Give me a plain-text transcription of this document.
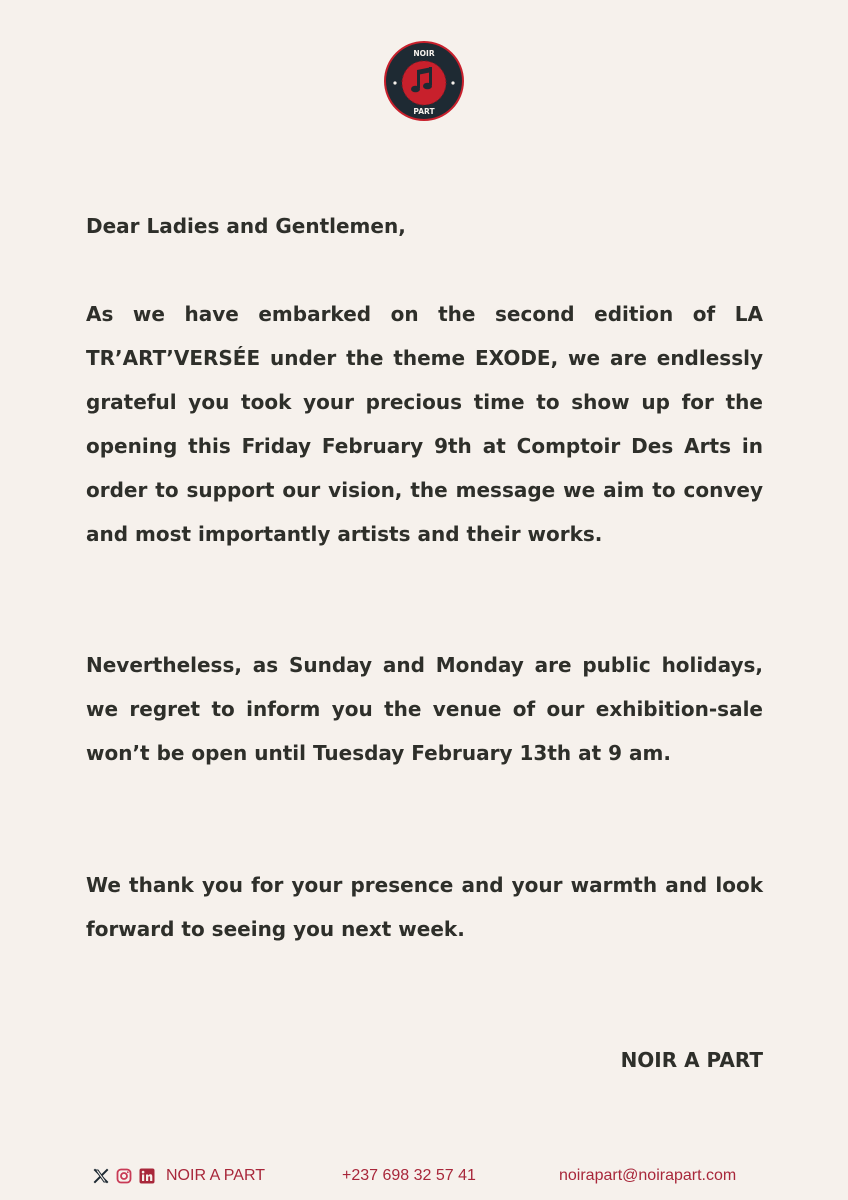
NOIR
PART
Dear Ladies and Gentlemen,

As we have embarked on the second edition of LA TR’ART’VERSÉE under the theme EXODE, we are endlessly grateful you took your precious time to show up for the opening this Friday February 9th at Comptoir Des Arts in order to support our vision, the message we aim to convey and most importantly artists and their works.

Nevertheless, as Sunday and Monday are public holidays, we regret to inform you the venue of our exhibition-sale won’t be open until Tuesday February 13th at 9 am.

We thank you for your presence and your warmth and look forward to seeing you next week.

NOIR A PART
NOIR A PART	+237 698 32 57 41	noirapart@noirapart.com
